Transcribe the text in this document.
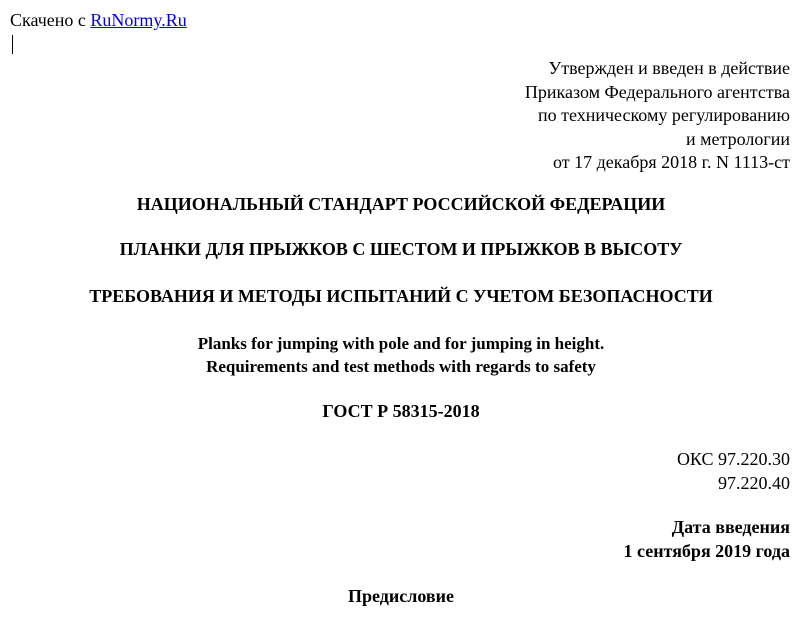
Скачено с RuNormy.Ru
Утвержден и введен в действие
Приказом Федерального агентства
по техническому регулированию
и метрологии
от 17 декабря 2018 г. N 1113-ст
НАЦИОНАЛЬНЫЙ СТАНДАРТ РОССИЙСКОЙ ФЕДЕРАЦИИ
ПЛАНКИ ДЛЯ ПРЫЖКОВ С ШЕСТОМ И ПРЫЖКОВ В ВЫСОТУ
ТРЕБОВАНИЯ И МЕТОДЫ ИСПЫТАНИЙ С УЧЕТОМ БЕЗОПАСНОСТИ
Planks for jumping with pole and for jumping in height.
Requirements and test methods with regards to safety
ГОСТ Р 58315-2018
ОКС 97.220.30
97.220.40
Дата введения
1 сентября 2019 года
Предисловие
